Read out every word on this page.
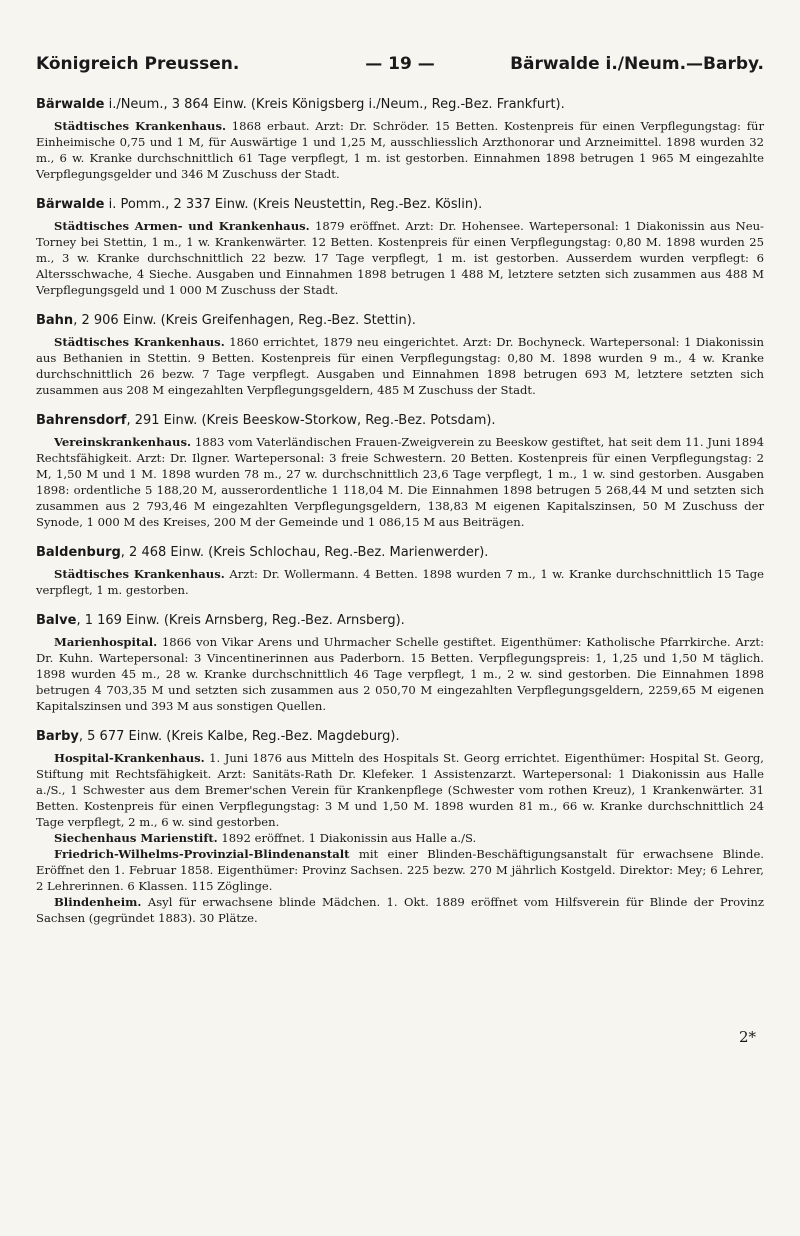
Königreich Preussen.	— 19 —	Bärwalde i./Neum.—Barby.
Bärwalde i./Neum., 3 864 Einw. (Kreis Königsberg i./Neum., Reg.-Bez. Frankfurt).

Städtisches Krankenhaus. 1868 erbaut. Arzt: Dr. Schröder. 15 Betten. Kostenpreis für einen Verpflegungstag: für Einheimische 0,75 und 1 M, für Auswärtige 1 und 1,25 M, ausschliesslich Arzthonorar und Arzneimittel. 1898 wurden 32 m., 6 w. Kranke durchschnittlich 61 Tage verpflegt, 1 m. ist gestorben. Einnahmen 1898 betrugen 1 965 M eingezahlte Verpflegungsgelder und 346 M Zuschuss der Stadt.

Bärwalde i. Pomm., 2 337 Einw. (Kreis Neustettin, Reg.-Bez. Köslin).

Städtisches Armen- und Krankenhaus. 1879 eröffnet. Arzt: Dr. Hohensee. Wartepersonal: 1 Diakonissin aus Neu-Torney bei Stettin, 1 m., 1 w. Krankenwärter. 12 Betten. Kostenpreis für einen Verpflegungstag: 0,80 M. 1898 wurden 25 m., 3 w. Kranke durchschnittlich 22 bezw. 17 Tage verpflegt, 1 m. ist gestorben. Ausserdem wurden verpflegt: 6 Altersschwache, 4 Sieche. Ausgaben und Einnahmen 1898 betrugen 1 488 M, letztere setzten sich zusammen aus 488 M Verpflegungsgeld und 1 000 M Zuschuss der Stadt.

Bahn, 2 906 Einw. (Kreis Greifenhagen, Reg.-Bez. Stettin).

Städtisches Krankenhaus. 1860 errichtet, 1879 neu eingerichtet. Arzt: Dr. Bochyneck. Wartepersonal: 1 Diakonissin aus Bethanien in Stettin. 9 Betten. Kostenpreis für einen Verpflegungstag: 0,80 M. 1898 wurden 9 m., 4 w. Kranke durchschnittlich 26 bezw. 7 Tage verpflegt. Ausgaben und Einnahmen 1898 betrugen 693 M, letztere setzten sich zusammen aus 208 M eingezahlten Verpflegungsgeldern, 485 M Zuschuss der Stadt.

Bahrensdorf, 291 Einw. (Kreis Beeskow-Storkow, Reg.-Bez. Potsdam).

Vereinskrankenhaus. 1883 vom Vaterländischen Frauen-Zweigverein zu Beeskow gestiftet, hat seit dem 11. Juni 1894 Rechtsfähigkeit. Arzt: Dr. Ilgner. Wartepersonal: 3 freie Schwestern. 20 Betten. Kostenpreis für einen Verpflegungstag: 2 M, 1,50 M und 1 M. 1898 wurden 78 m., 27 w. durchschnittlich 23,6 Tage verpflegt, 1 m., 1 w. sind gestorben. Ausgaben 1898: ordentliche 5 188,20 M, ausserordentliche 1 118,04 M. Die Einnahmen 1898 betrugen 5 268,44 M und setzten sich zusammen aus 2 793,46 M eingezahlten Verpflegungsgeldern, 138,83 M eigenen Kapitalszinsen, 50 M Zuschuss der Synode, 1 000 M des Kreises, 200 M der Gemeinde und 1 086,15 M aus Beiträgen.

Baldenburg, 2 468 Einw. (Kreis Schlochau, Reg.-Bez. Marienwerder).

Städtisches Krankenhaus. Arzt: Dr. Wollermann. 4 Betten. 1898 wurden 7 m., 1 w. Kranke durchschnittlich 15 Tage verpflegt, 1 m. gestorben.

Balve, 1 169 Einw. (Kreis Arnsberg, Reg.-Bez. Arnsberg).

Marienhospital. 1866 von Vikar Arens und Uhrmacher Schelle gestiftet. Eigenthümer: Katholische Pfarrkirche. Arzt: Dr. Kuhn. Wartepersonal: 3 Vincentinerinnen aus Paderborn. 15 Betten. Verpflegungspreis: 1, 1,25 und 1,50 M täglich. 1898 wurden 45 m., 28 w. Kranke durchschnittlich 46 Tage verpflegt, 1 m., 2 w. sind gestorben. Die Einnahmen 1898 betrugen 4 703,35 M und setzten sich zusammen aus 2 050,70 M eingezahlten Verpflegungsgeldern, 2259,65 M eigenen Kapitalszinsen und 393 M aus sonstigen Quellen.

Barby, 5 677 Einw. (Kreis Kalbe, Reg.-Bez. Magdeburg).

Hospital-Krankenhaus. 1. Juni 1876 aus Mitteln des Hospitals St. Georg errichtet. Eigenthümer: Hospital St. Georg, Stiftung mit Rechtsfähigkeit. Arzt: Sanitäts-Rath Dr. Klefeker. 1 Assistenzarzt. Wartepersonal: 1 Diakonissin aus Halle a./S., 1 Schwester aus dem Bremer'schen Verein für Krankenpflege (Schwester vom rothen Kreuz), 1 Krankenwärter. 31 Betten. Kostenpreis für einen Verpflegungstag: 3 M und 1,50 M. 1898 wurden 81 m., 66 w. Kranke durchschnittlich 24 Tage verpflegt, 2 m., 6 w. sind gestorben.

Siechenhaus Marienstift. 1892 eröffnet. 1 Diakonissin aus Halle a./S.

Friedrich-Wilhelms-Provinzial-Blindenanstalt mit einer Blinden-Beschäftigungsanstalt für erwachsene Blinde. Eröffnet den 1. Februar 1858. Eigenthümer: Provinz Sachsen. 225 bezw. 270 M jährlich Kostgeld. Direktor: Mey; 6 Lehrer, 2 Lehrerinnen. 6 Klassen. 115 Zöglinge.

Blindenheim. Asyl für erwachsene blinde Mädchen. 1. Okt. 1889 eröffnet vom Hilfsverein für Blinde der Provinz Sachsen (gegründet 1883). 30 Plätze.

2*
